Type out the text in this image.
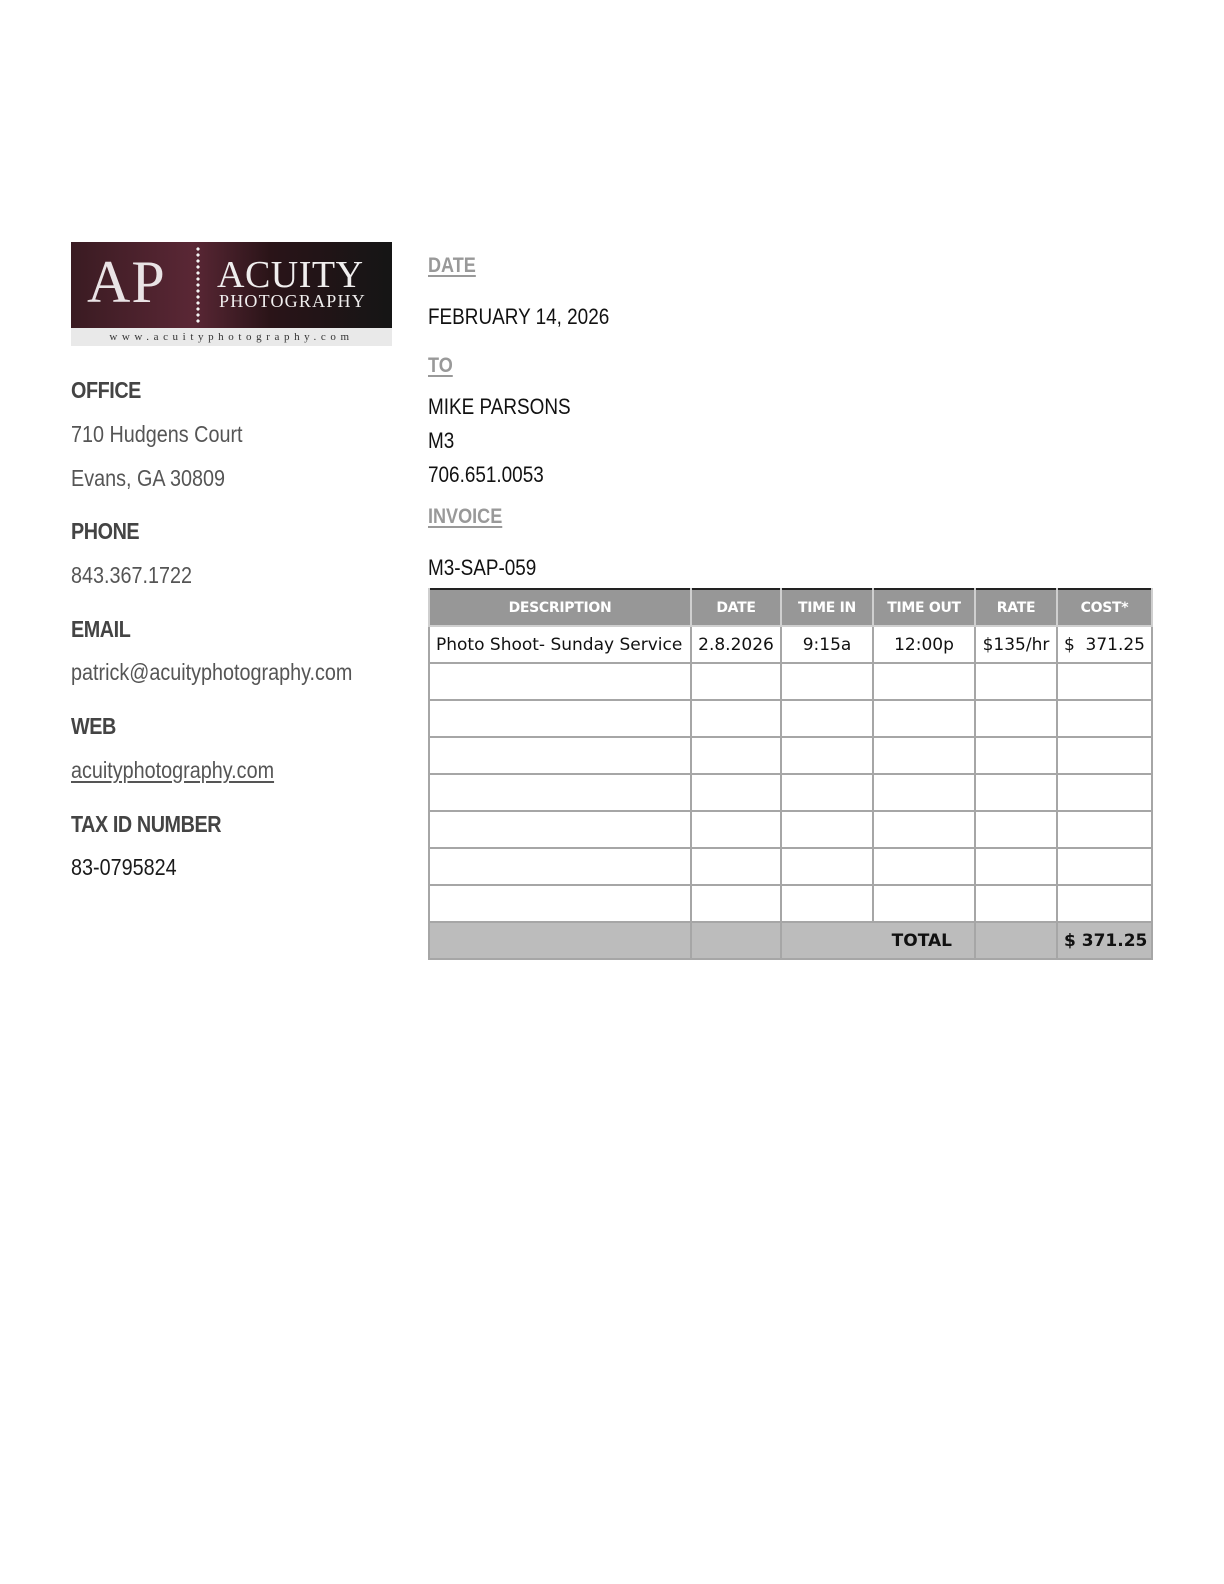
AP ACUITY
PHOTOGRAPHY
www.acuityphotography.com
OFFICE
710 Hudgens Court
Evans, GA 30809
PHONE
843.367.1722
EMAIL
patrick@acuityphotography.com
WEB
acuityphotography.com
TAX ID NUMBER
83-0795824
DATE
FEBRUARY 14, 2026
TO
MIKE PARSONS
M3
706.651.0053
INVOICE
M3-SAP-059
DESCRIPTION	DATE	TIME IN	TIME OUT	RATE	COST*
Photo Shoot- Sunday Service	2.8.2026	9:15a	12:00p	$135/hr	$ 371.25

		TOTAL			$ 371.25
